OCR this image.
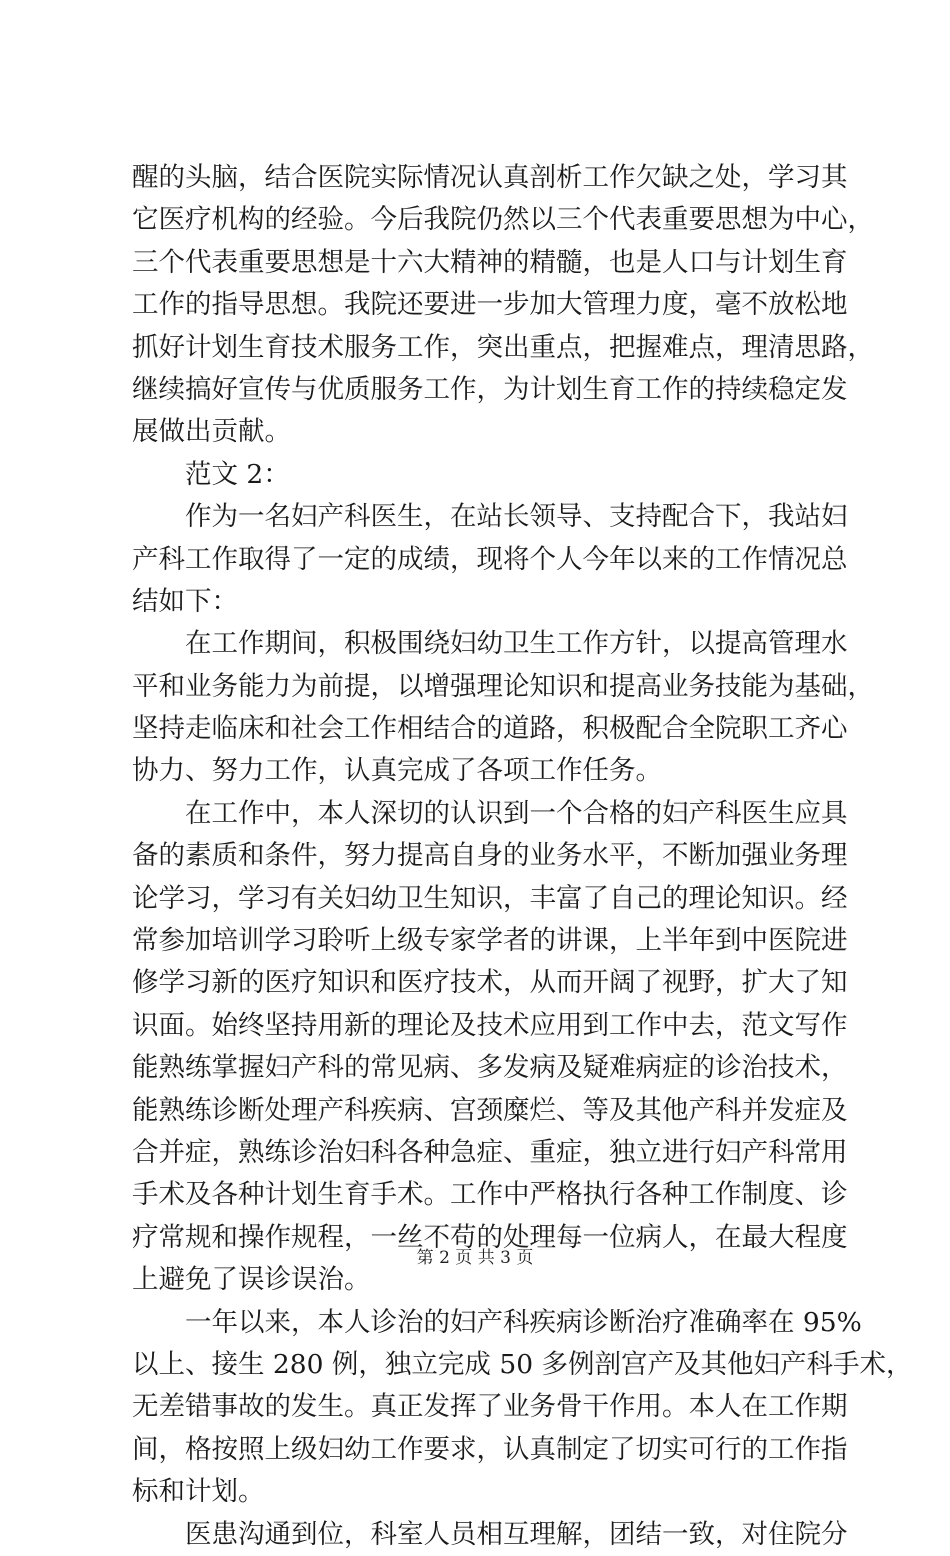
醒的头脑，结合医院实际情况认真剖析工作欠缺之处，学习其
它医疗机构的经验。今后我院仍然以三个代表重要思想为中心，
三个代表重要思想是十六大精神的精髓，也是人口与计划生育
工作的指导思想。我院还要进一步加大管理力度，毫不放松地
抓好计划生育技术服务工作，突出重点，把握难点，理清思路，
继续搞好宣传与优质服务工作，为计划生育工作的持续稳定发
展做出贡献。
范文 2：
作为一名妇产科医生，在站长领导、支持配合下，我站妇
产科工作取得了一定的成绩，现将个人今年以来的工作情况总
结如下：
在工作期间，积极围绕妇幼卫生工作方针，以提高管理水
平和业务能力为前提，以增强理论知识和提高业务技能为基础，
坚持走临床和社会工作相结合的道路，积极配合全院职工齐心
协力、努力工作，认真完成了各项工作任务。
在工作中，本人深切的认识到一个合格的妇产科医生应具
备的素质和条件，努力提高自身的业务水平，不断加强业务理
论学习，学习有关妇幼卫生知识，丰富了自己的理论知识。经
常参加培训学习聆听上级专家学者的讲课，上半年到中医院进
修学习新的医疗知识和医疗技术，从而开阔了视野，扩大了知
识面。始终坚持用新的理论及技术应用到工作中去，范文写作
能熟练掌握妇产科的常见病、多发病及疑难病症的诊治技术，
能熟练诊断处理产科疾病、宫颈糜烂、等及其他产科并发症及
合并症，熟练诊治妇科各种急症、重症，独立进行妇产科常用
手术及各种计划生育手术。工作中严格执行各种工作制度、诊
疗常规和操作规程，一丝不苟的处理每一位病人，在最大程度
上避免了误诊误治。
一年以来，本人诊治的妇产科疾病诊断治疗准确率在 95%
以上、接生 280 例，独立完成 50 多例剖宫产及其他妇产科手术，
无差错事故的发生。真正发挥了业务骨干作用。本人在工作期
间，格按照上级妇幼工作要求，认真制定了切实可行的工作指
标和计划。
医患沟通到位，科室人员相互理解，团结一致，对住院分
第 2 页 共 3 页
